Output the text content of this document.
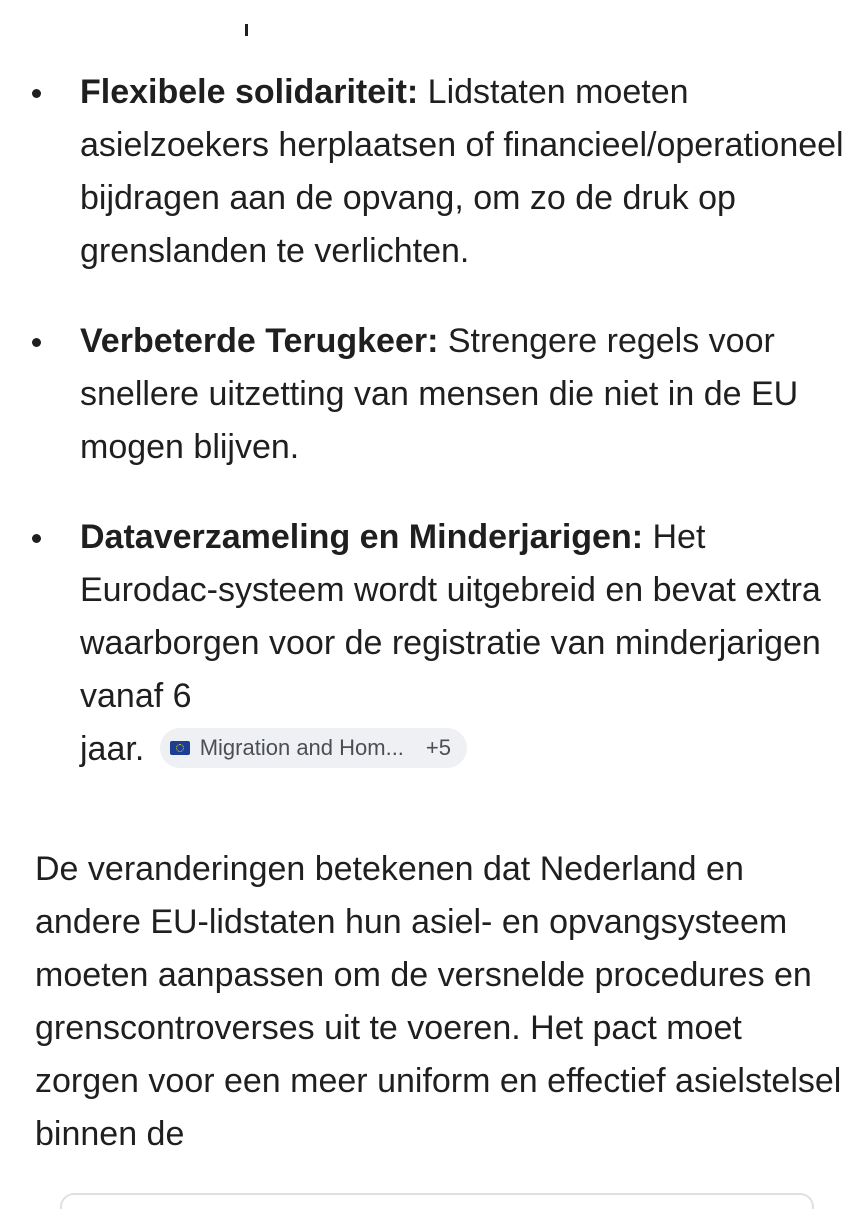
Flexibele solidariteit: Lidstaten moeten asielzoekers herplaatsen of financieel/operationeel bijdragen aan de opvang, om zo de druk op grenslanden te verlichten.
Verbeterde Terugkeer: Strengere regels voor snellere uitzetting van mensen die niet in de EU mogen blijven.
Dataverzameling en Minderjarigen: Het Eurodac-systeem wordt uitgebreid en bevat extra waarborgen voor de registratie van minderjarigen vanaf 6
jaar.	Migration and Hom... +5

De veranderingen betekenen dat Nederland en andere EU-lidstaten hun asiel- en opvangsysteem moeten aanpassen om de versnelde procedures en grenscontroverses uit te voeren. Het pact moet zorgen voor een meer uniform en effectief asielstelsel binnen de
